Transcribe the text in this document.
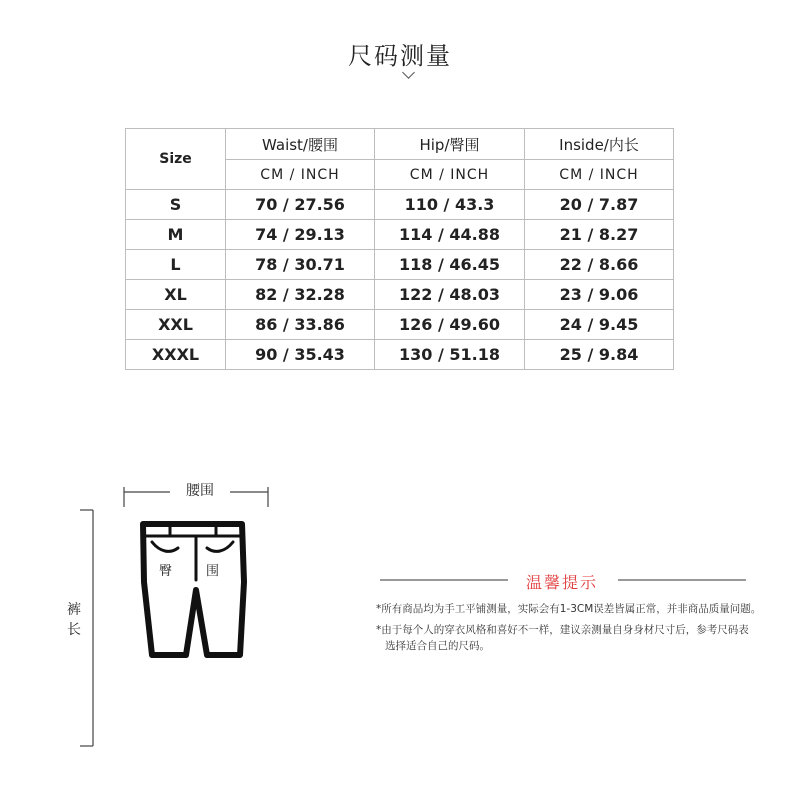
尺码测量
Size	Waist/腰围	Hip/臀围	Inside/内长
	CM / INCH	CM / INCH	CM / INCH
S	70 / 27.56	110 / 43.3	20 / 7.87
M	74 / 29.13	114 / 44.88	21 / 8.27
L	78 / 30.71	118 / 46.45	22 / 8.66
XL	82 / 32.28	122 / 48.03	23 / 9.06
XXL	86 / 33.86	126 / 49.60	24 / 9.45
XXXL	90 / 35.43	130 / 51.18	25 / 9.84
腰围
裤
长
臀	围
温馨提示
*所有商品均为手工平铺测量，实际会有1-3CM误差皆属正常，并非商品质量问题。
*由于每个人的穿衣风格和喜好不一样，建议亲测量自身身材尺寸后，参考尺码表
选择适合自己的尺码。
